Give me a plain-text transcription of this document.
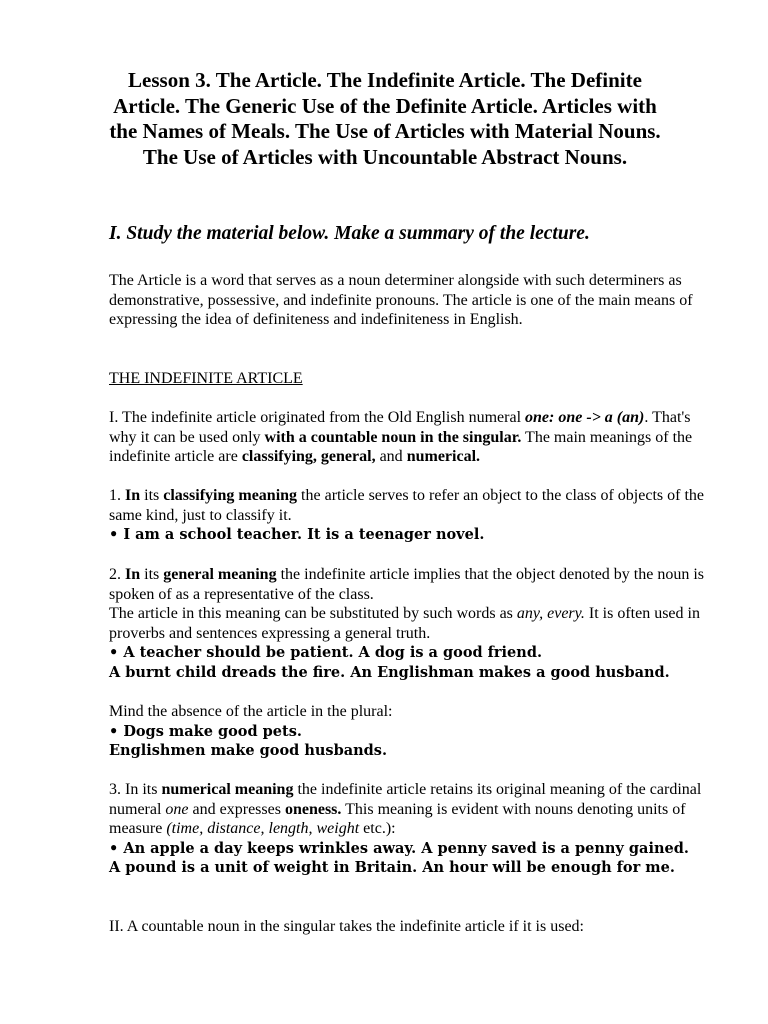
Lesson 3. The Article. The Indefinite Article. The Definite Article. The Generic Use of the Definite Article. Articles with the Names of Meals. The Use of Articles with Material Nouns. The Use of Articles with Uncountable Abstract Nouns.

I. Study the material below. Make a summary of the lecture.

The Article is a word that serves as a noun determiner alongside with such determiners as demonstrative, possessive, and indefinite pronouns. The article is one of the main means of expressing the idea of definiteness and indefiniteness in English.

THE INDEFINITE ARTICLE

I. The indefinite article originated from the Old English numeral one: one -> a (an). That's why it can be used only with a countable noun in the singular. The main meanings of the indefinite article are classifying, general, and numerical.

1. In its classifying meaning the article serves to refer an object to the class of objects of the same kind, just to classify it.
• I am a school teacher. It is a teenager novel.

2. In its general meaning the indefinite article implies that the object denoted by the noun is spoken of as a representative of the class.
The article in this meaning can be substituted by such words as any, every. It is often used in proverbs and sentences expressing a general truth.
• A teacher should be patient. A dog is a good friend.
A burnt child dreads the fire. An Englishman makes a good husband.

Mind the absence of the article in the plural:
• Dogs make good pets.
Englishmen make good husbands.

3. In its numerical meaning the indefinite article retains its original meaning of the cardinal numeral one and expresses oneness. This meaning is evident with nouns denoting units of measure (time, distance, length, weight etc.):
• An apple a day keeps wrinkles away. A penny saved is a penny gained.
A pound is a unit of weight in Britain. An hour will be enough for me.

II. A countable noun in the singular takes the indefinite article if it is used:
